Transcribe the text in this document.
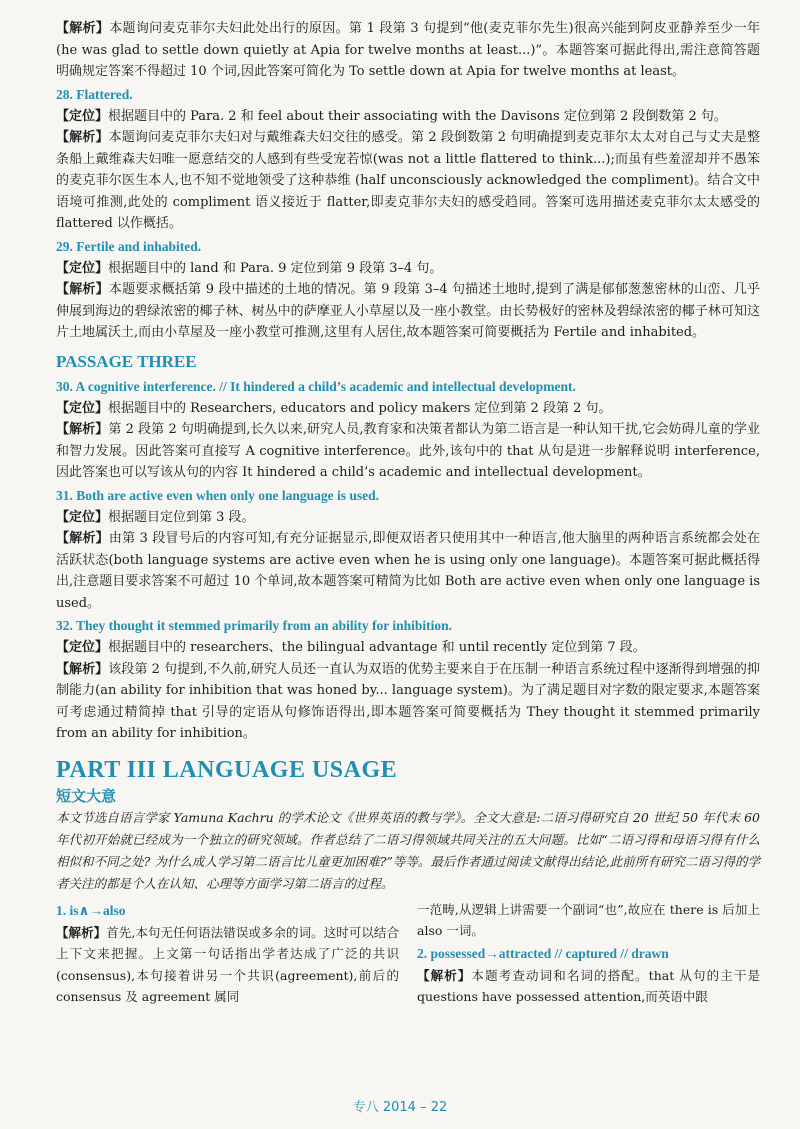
【解析】本题询问麦克菲尔夫妇此处出行的原因。第 1 段第 3 句提到“他(麦克菲尔先生)很高兴能到阿皮亚静养至少一年(he was glad to settle down quietly at Apia for twelve months at least...)”。本题答案可据此得出,需注意简答题明确规定答案不得超过 10 个词,因此答案可简化为 To settle down at Apia for twelve months at least。

28. Flattered.

【定位】根据题目中的 Para. 2 和 feel about their associating with the Davisons 定位到第 2 段倒数第 2 句。

【解析】本题询问麦克菲尔夫妇对与戴维森夫妇交往的感受。第 2 段倒数第 2 句明确提到麦克菲尔太太对自己与丈夫是整条船上戴维森夫妇唯一愿意结交的人感到有些受宠若惊(was not a little flattered to think...);而虽有些羞涩却并不愚笨的麦克菲尔医生本人,也不知不觉地领受了这种恭维 (half unconsciously acknowledged the compliment)。结合文中语境可推测,此处的 compliment 语义接近于 flatter,即麦克菲尔夫妇的感受趋同。答案可选用描述麦克菲尔太太感受的 flattered 以作概括。

29. Fertile and inhabited.

【定位】根据题目中的 land 和 Para. 9 定位到第 9 段第 3–4 句。

【解析】本题要求概括第 9 段中描述的土地的情况。第 9 段第 3–4 句描述土地时,提到了满是郁郁葱葱密林的山峦、几乎伸展到海边的碧绿浓密的椰子林、树丛中的萨摩亚人小草屋以及一座小教堂。由长势极好的密林及碧绿浓密的椰子林可知这片土地属沃土,而由小草屋及一座小教堂可推测,这里有人居住,故本题答案可简要概括为 Fertile and inhabited。

PASSAGE THREE
30. A cognitive interference. // It hindered a child’s academic and intellectual development.

【定位】根据题目中的 Researchers, educators and policy makers 定位到第 2 段第 2 句。

【解析】第 2 段第 2 句明确提到,长久以来,研究人员,教育家和决策者都认为第二语言是一种认知干扰,它会妨碍儿童的学业和智力发展。因此答案可直接写 A cognitive interference。此外,该句中的 that 从句是进一步解释说明 interference, 因此答案也可以写该从句的内容 It hindered a child’s academic and intellectual development。

31. Both are active even when only one language is used.

【定位】根据题目定位到第 3 段。

【解析】由第 3 段冒号后的内容可知,有充分证据显示,即便双语者只使用其中一种语言,他大脑里的两种语言系统都会处在活跃状态(both language systems are active even when he is using only one language)。本题答案可据此概括得出,注意题目要求答案不可超过 10 个单词,故本题答案可精简为比如 Both are active even when only one language is used。

32. They thought it stemmed primarily from an ability for inhibition.

【定位】根据题目中的 researchers、the bilingual advantage 和 until recently 定位到第 7 段。

【解析】该段第 2 句提到,不久前,研究人员还一直认为双语的优势主要来自于在压制一种语言系统过程中逐渐得到增强的抑制能力(an ability for inhibition that was honed by... language system)。为了满足题目对字数的限定要求,本题答案可考虑通过精简掉 that 引导的定语从句修饰语得出,即本题答案可简要概括为 They thought it stemmed primarily from an ability for inhibition。

PART III LANGUAGE USAGE
短文大意

本文节选自语言学家 Yamuna Kachru 的学术论文《世界英语的教与学》。全文大意是:二语习得研究自 20 世纪 50 年代末 60 年代初开始就已经成为一个独立的研究领域。作者总结了二语习得领域共同关注的五大问题。比如“二语习得和母语习得有什么相似和不同之处? 为什么成人学习第二语言比儿童更加困难?”等等。最后作者通过阅读文献得出结论,此前所有研究二语习得的学者关注的都是个人在认知、心理等方面学习第二语言的过程。

1. is∧→also

【解析】首先,本句无任何语法错误或多余的词。这时可以结合上下文来把握。上文第一句话指出学者达成了广泛的共识(consensus),本句接着讲另一个共识(agreement),前后的 consensus 及 agreement 属同

一范畴,从逻辑上讲需要一个副词“也”,故应在 there is 后加上 also 一词。

2. possessed→attracted // captured // drawn

【解析】本题考查动词和名词的搭配。that 从句的主干是 questions have possessed attention,而英语中跟

专八 2014 – 22
